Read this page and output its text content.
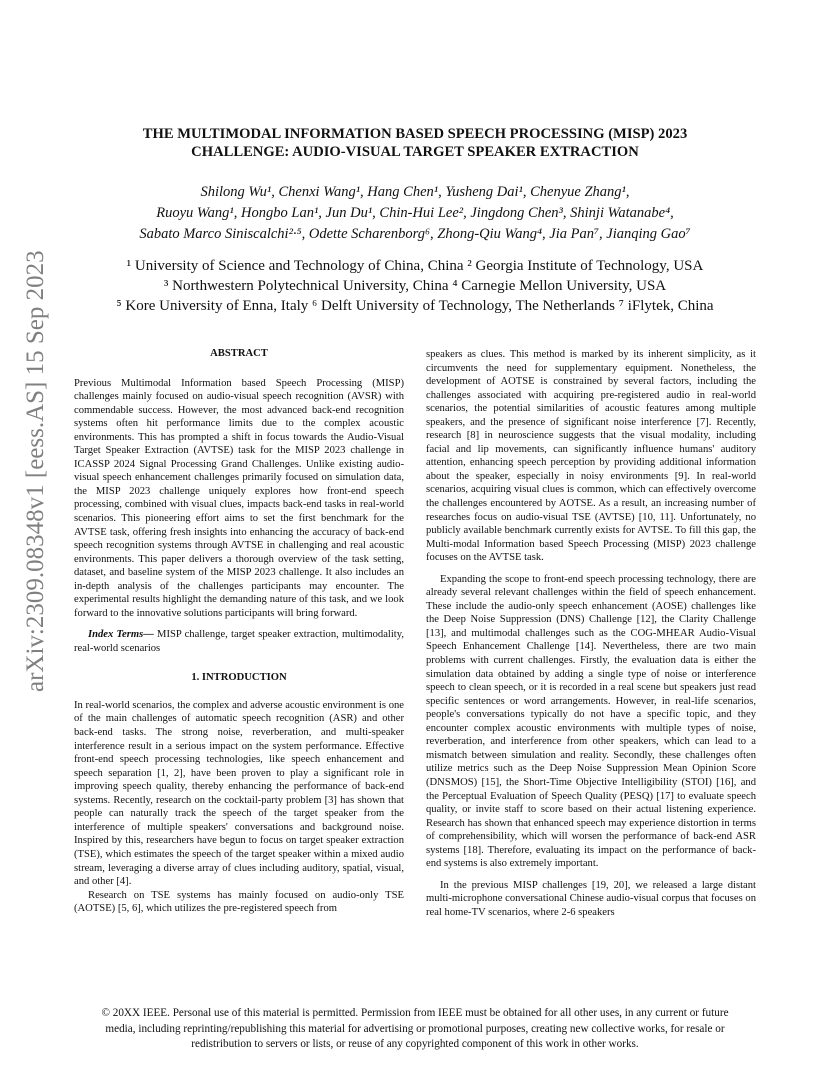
arXiv:2309.08348v1 [eess.AS] 15 Sep 2023
THE MULTIMODAL INFORMATION BASED SPEECH PROCESSING (MISP) 2023
CHALLENGE: AUDIO-VISUAL TARGET SPEAKER EXTRACTION

Shilong Wu¹, Chenxi Wang¹, Hang Chen¹, Yusheng Dai¹, Chenyue Zhang¹,

Ruoyu Wang¹, Hongbo Lan¹, Jun Du¹, Chin-Hui Lee², Jingdong Chen³, Shinji Watanabe⁴,

Sabato Marco Siniscalchi²·⁵, Odette Scharenborg⁶, Zhong-Qiu Wang⁴, Jia Pan⁷, Jianqing Gao⁷

¹ University of Science and Technology of China, China ² Georgia Institute of Technology, USA

³ Northwestern Polytechnical University, China ⁴ Carnegie Mellon University, USA

⁵ Kore University of Enna, Italy ⁶ Delft University of Technology, The Netherlands ⁷ iFlytek, China

ABSTRACT

Previous Multimodal Information based Speech Processing (MISP) challenges mainly focused on audio-visual speech recognition (AVSR) with commendable success. However, the most advanced back-end recognition systems often hit performance limits due to the complex acoustic environments. This has prompted a shift in focus towards the Audio-Visual Target Speaker Extraction (AVTSE) task for the MISP 2023 challenge in ICASSP 2024 Signal Processing Grand Challenges. Unlike existing audio-visual speech enhancement challenges primarily focused on simulation data, the MISP 2023 challenge uniquely explores how front-end speech processing, combined with visual clues, impacts back-end tasks in real-world scenarios. This pioneering effort aims to set the first benchmark for the AVTSE task, offering fresh insights into enhancing the accuracy of back-end speech recognition systems through AVTSE in challenging and real acoustic environments. This paper delivers a thorough overview of the task setting, dataset, and baseline system of the MISP 2023 challenge. It also includes an in-depth analysis of the challenges participants may encounter. The experimental results highlight the demanding nature of this task, and we look forward to the innovative solutions participants will bring forward.

Index Terms— MISP challenge, target speaker extraction, multimodality, real-world scenarios

1. INTRODUCTION

In real-world scenarios, the complex and adverse acoustic environment is one of the main challenges of automatic speech recognition (ASR) and other back-end tasks. The strong noise, reverberation, and multi-speaker interference result in a serious impact on the system performance. Effective front-end speech processing technologies, like speech enhancement and speech separation [1, 2], have been proven to play a significant role in improving speech quality, thereby enhancing the performance of back-end systems. Recently, research on the cocktail-party problem [3] has shown that people can naturally track the speech of the target speaker from the interference of multiple speakers' conversations and background noise. Inspired by this, researchers have begun to focus on target speaker extraction (TSE), which estimates the speech of the target speaker within a mixed audio stream, leveraging a diverse array of clues including auditory, spatial, visual, and other [4].

Research on TSE systems has mainly focused on audio-only TSE (AOTSE) [5, 6], which utilizes the pre-registered speech from

speakers as clues. This method is marked by its inherent simplicity, as it circumvents the need for supplementary equipment. Nonetheless, the development of AOTSE is constrained by several factors, including the challenges associated with acquiring pre-registered audio in real-world scenarios, the potential similarities of acoustic features among multiple speakers, and the presence of significant noise interference [7]. Recently, research [8] in neuroscience suggests that the visual modality, including facial and lip movements, can significantly influence humans' auditory attention, enhancing speech perception by providing additional information about the speaker, especially in noisy environments [9]. In real-world scenarios, acquiring visual clues is common, which can effectively overcome the challenges encountered by AOTSE. As a result, an increasing number of researches focus on audio-visual TSE (AVTSE) [10, 11]. Unfortunately, no publicly available benchmark currently exists for AVTSE. To fill this gap, the Multi-modal Information based Speech Processing (MISP) 2023 challenge focuses on the AVTSE task.

Expanding the scope to front-end speech processing technology, there are already several relevant challenges within the field of speech enhancement. These include the audio-only speech enhancement (AOSE) challenges like the Deep Noise Suppression (DNS) Challenge [12], the Clarity Challenge [13], and multimodal challenges such as the COG-MHEAR Audio-Visual Speech Enhancement Challenge [14]. Nevertheless, there are two main problems with current challenges. Firstly, the evaluation data is either the simulation data obtained by adding a single type of noise or interference speech to clean speech, or it is recorded in a real scene but speakers just read specific sentences or word arrangements. However, in real-life scenarios, people's conversations typically do not have a specific topic, and they encounter complex acoustic environments with multiple types of noise, reverberation, and interference from other speakers, which can lead to a mismatch between simulation and reality. Secondly, these challenges often utilize metrics such as the Deep Noise Suppression Mean Opinion Score (DNSMOS) [15], the Short-Time Objective Intelligibility (STOI) [16], and the Perceptual Evaluation of Speech Quality (PESQ) [17] to evaluate speech quality, or invite staff to score based on their actual listening experience. Research has shown that enhanced speech may experience distortion in terms of comprehensibility, which will worsen the performance of back-end ASR systems [18]. Therefore, evaluating its impact on the performance of back-end systems is also extremely important.

In the previous MISP challenges [19, 20], we released a large distant multi-microphone conversational Chinese audio-visual corpus that focuses on real home-TV scenarios, where 2-6 speakers

© 20XX IEEE. Personal use of this material is permitted. Permission from IEEE must be obtained for all other uses, in any current or future
media, including reprinting/republishing this material for advertising or promotional purposes, creating new collective works, for resale or
redistribution to servers or lists, or reuse of any copyrighted component of this work in other works.
